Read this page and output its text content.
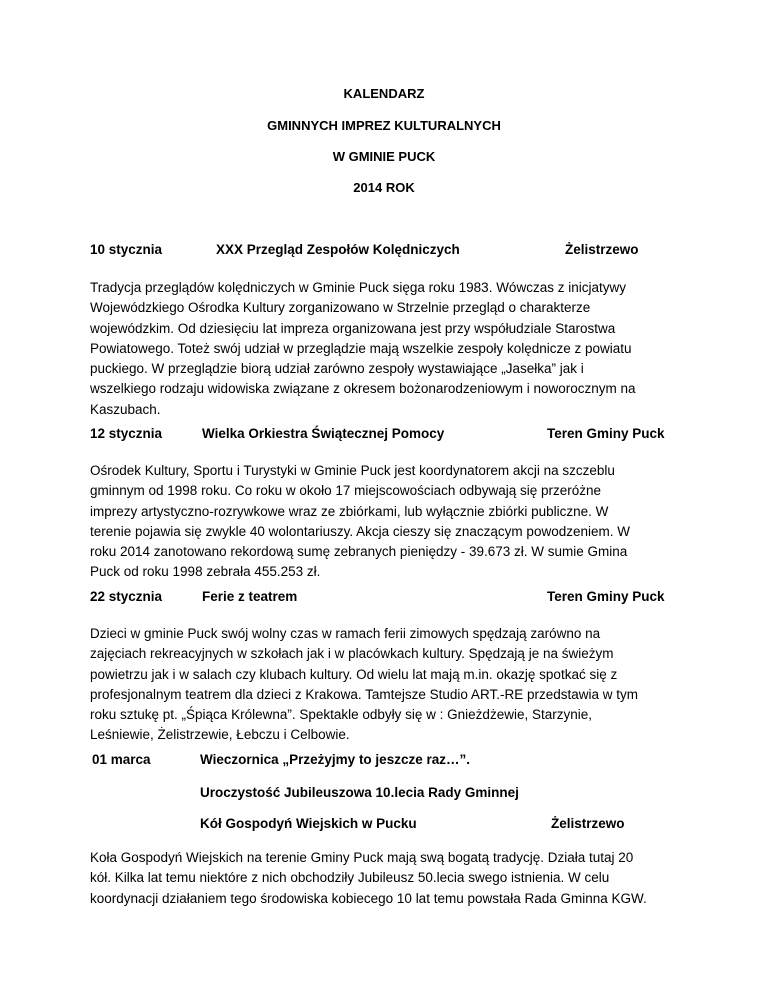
KALENDARZ
GMINNYCH IMPREZ KULTURALNYCH
W GMINIE PUCK
2014 ROK
10 stycznia	XXX Przegląd Zespołów Kolędniczych	Żelistrzewo
Tradycja przeglądów kolędniczych w Gminie Puck sięga roku 1983. Wówczas z inicjatywy
Wojewódzkiego Ośrodka Kultury zorganizowano w Strzelnie przegląd o charakterze
wojewódzkim. Od dziesięciu lat impreza organizowana jest przy współudziale Starostwa
Powiatowego. Toteż swój udział w przeglądzie mają wszelkie zespoły kolędnicze z powiatu
puckiego. W przeglądzie biorą udział zarówno zespoły wystawiające „Jasełka” jak i
wszelkiego rodzaju widowiska związane z okresem bożonarodzeniowym i noworocznym na
Kaszubach.
12 stycznia	Wielka Orkiestra Świątecznej Pomocy	Teren Gminy Puck
Ośrodek Kultury, Sportu i Turystyki w Gminie Puck jest koordynatorem akcji na szczeblu
gminnym od 1998 roku. Co roku w około 17 miejscowościach odbywają się przeróżne
imprezy artystyczno-rozrywkowe wraz ze zbiórkami, lub wyłącznie zbiórki publiczne. W
terenie pojawia się zwykle 40 wolontariuszy. Akcja cieszy się znaczącym powodzeniem. W
roku 2014 zanotowano rekordową sumę zebranych pieniędzy - 39.673 zł. W sumie Gmina
Puck od roku 1998 zebrała 455.253 zł.
22 stycznia	Ferie z teatrem	Teren Gminy Puck
Dzieci w gminie Puck swój wolny czas w ramach ferii zimowych spędzają zarówno na
zajęciach rekreacyjnych w szkołach jak i w placówkach kultury. Spędzają je na świeżym
powietrzu jak i w salach czy klubach kultury. Od wielu lat mają m.in. okazję spotkać się z
profesjonalnym teatrem dla dzieci z Krakowa. Tamtejsze Studio ART.-RE przedstawia w tym
roku sztukę pt. „Śpiąca Królewna”. Spektakle odbyły się w : Gnieżdżewie, Starzynie,
Leśniewie, Żelistrzewie, Łebczu i Celbowie.
01 marca	Wieczornica „Przeżyjmy to jeszcze raz…”.
Uroczystość Jubileuszowa 10.lecia Rady Gminnej
Kół Gospodyń Wiejskich w Pucku	Żelistrzewo
Koła Gospodyń Wiejskich na terenie Gminy Puck mają swą bogatą tradycję. Działa tutaj 20
kół. Kilka lat temu niektóre z nich obchodziły Jubileusz 50.lecia swego istnienia. W celu
koordynacji działaniem tego środowiska kobiecego 10 lat temu powstała Rada Gminna KGW.
